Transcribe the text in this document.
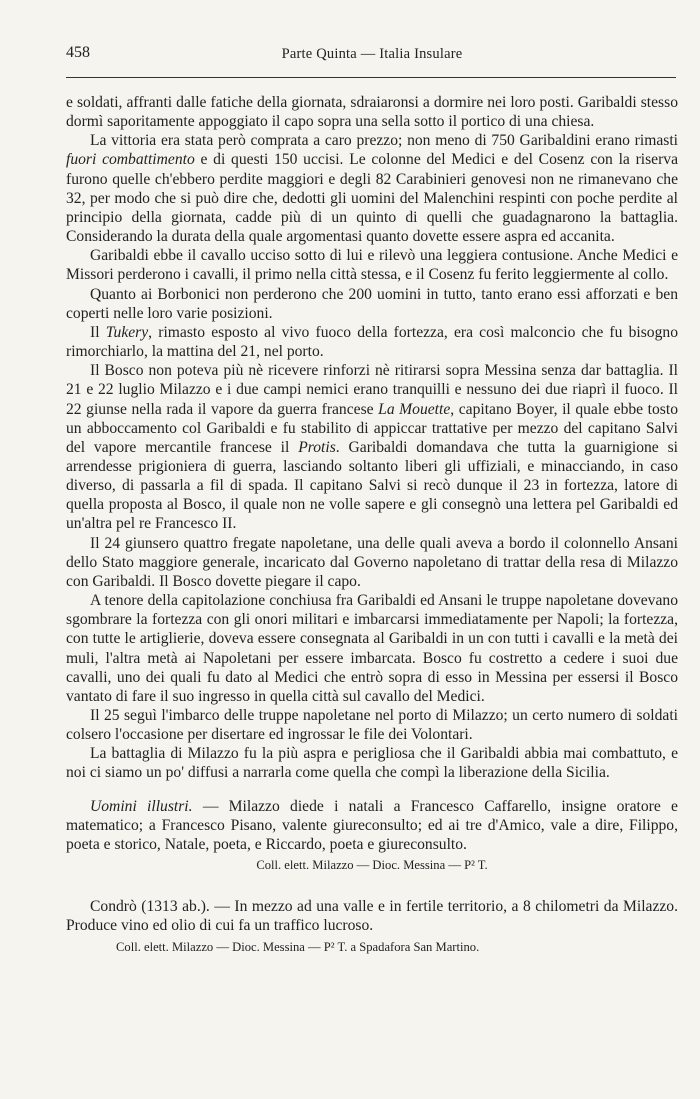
458	Parte Quinta — Italia Insulare

e soldati, affranti dalle fatiche della giornata, sdraiaronsi a dormire nei loro posti. Garibaldi stesso dormì saporitamente appoggiato il capo sopra una sella sotto il portico di una chiesa.

La vittoria era stata però comprata a caro prezzo; non meno di 750 Garibaldini erano rimasti fuori combattimento e di questi 150 uccisi. Le colonne del Medici e del Cosenz con la riserva furono quelle ch'ebbero perdite maggiori e degli 82 Carabinieri genovesi non ne rimanevano che 32, per modo che si può dire che, dedotti gli uomini del Malenchini respinti con poche perdite al principio della giornata, cadde più di un quinto di quelli che guadagnarono la battaglia. Considerando la durata della quale argomentasi quanto dovette essere aspra ed accanita.

Garibaldi ebbe il cavallo ucciso sotto di lui e rilevò una leggiera contusione. Anche Medici e Missori perderono i cavalli, il primo nella città stessa, e il Cosenz fu ferito leggiermente al collo.

Quanto ai Borbonici non perderono che 200 uomini in tutto, tanto erano essi afforzati e ben coperti nelle loro varie posizioni.

Il Tukery, rimasto esposto al vivo fuoco della fortezza, era così malconcio che fu bisogno rimorchiarlo, la mattina del 21, nel porto.

Il Bosco non poteva più nè ricevere rinforzi nè ritirarsi sopra Messina senza dar battaglia. Il 21 e 22 luglio Milazzo e i due campi nemici erano tranquilli e nessuno dei due riaprì il fuoco. Il 22 giunse nella rada il vapore da guerra francese La Mouette, capitano Boyer, il quale ebbe tosto un abboccamento col Garibaldi e fu stabilito di appiccar trattative per mezzo del capitano Salvi del vapore mercantile francese il Protis. Garibaldi domandava che tutta la guarnigione si arrendesse prigioniera di guerra, lasciando soltanto liberi gli uffiziali, e minacciando, in caso diverso, di passarla a fil di spada. Il capitano Salvi si recò dunque il 23 in fortezza, latore di quella proposta al Bosco, il quale non ne volle sapere e gli consegnò una lettera pel Garibaldi ed un'altra pel re Francesco II.

Il 24 giunsero quattro fregate napoletane, una delle quali aveva a bordo il colonnello Ansani dello Stato maggiore generale, incaricato dal Governo napoletano di trattar della resa di Milazzo con Garibaldi. Il Bosco dovette piegare il capo.

A tenore della capitolazione conchiusa fra Garibaldi ed Ansani le truppe napoletane dovevano sgombrare la fortezza con gli onori militari e imbarcarsi immediatamente per Napoli; la fortezza, con tutte le artiglierie, doveva essere consegnata al Garibaldi in un con tutti i cavalli e la metà dei muli, l'altra metà ai Napoletani per essere imbarcata. Bosco fu costretto a cedere i suoi due cavalli, uno dei quali fu dato al Medici che entrò sopra di esso in Messina per essersi il Bosco vantato di fare il suo ingresso in quella città sul cavallo del Medici.

Il 25 seguì l'imbarco delle truppe napoletane nel porto di Milazzo; un certo numero di soldati colsero l'occasione per disertare ed ingrossar le file dei Volontari.

La battaglia di Milazzo fu la più aspra e perigliosa che il Garibaldi abbia mai combattuto, e noi ci siamo un po' diffusi a narrarla come quella che compì la liberazione della Sicilia.

Uomini illustri. — Milazzo diede i natali a Francesco Caffarello, insigne oratore e matematico; a Francesco Pisano, valente giureconsulto; ed ai tre d'Amico, vale a dire, Filippo, poeta e storico, Natale, poeta, e Riccardo, poeta e giureconsulto.

Coll. elett. Milazzo — Dioc. Messina — P² T.

Condrò (1313 ab.). — In mezzo ad una valle e in fertile territorio, a 8 chilometri da Milazzo. Produce vino ed olio di cui fa un traffico lucroso.

Coll. elett. Milazzo — Dioc. Messina — P² T. a Spadafora San Martino.
